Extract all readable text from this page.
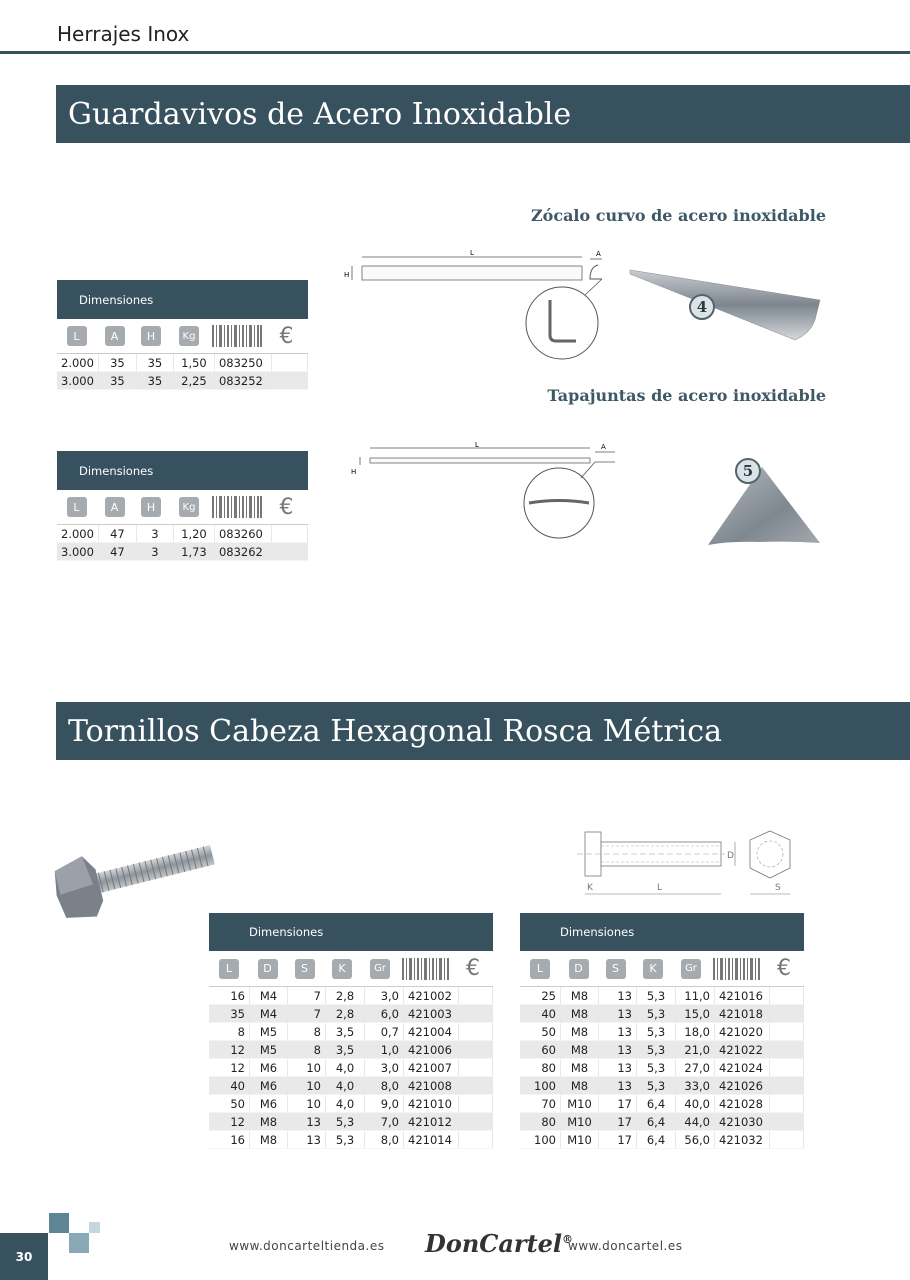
Herrajes Inox
Guardavivos de Acero Inoxidable
Zócalo curvo de acero inoxidable
L
H
A
4
Dimensiones
L	A	H	Kg	€
2.000	35	35	1,50	083250	
3.000	35	35	2,25	083252	
Tapajuntas de acero inoxidable
L
H
A
5
Dimensiones
L	A	H	Kg	€
2.000	47	3	1,20	083260	
3.000	47	3	1,73	083262	
Tornillos Cabeza Hexagonal Rosca Métrica
D
K	L	S
Dimensiones
L	D	S	K	Gr	€
16	M4	7	2,8	3,0	421002	
35	M4	7	2,8	6,0	421003	
8	M5	8	3,5	0,7	421004	
12	M5	8	3,5	1,0	421006	
12	M6	10	4,0	3,0	421007	
40	M6	10	4,0	8,0	421008	
50	M6	10	4,0	9,0	421010	
12	M8	13	5,3	7,0	421012	
16	M8	13	5,3	8,0	421014	
Dimensiones
L	D	S	K	Gr	€
25	M8	13	5,3	11,0	421016	
40	M8	13	5,3	15,0	421018	
50	M8	13	5,3	18,0	421020	
60	M8	13	5,3	21,0	421022	
80	M8	13	5,3	27,0	421024	
100	M8	13	5,3	33,0	421026	
70	M10	17	6,4	40,0	421028	
80	M10	17	6,4	44,0	421030	
100	M10	17	6,4	56,0	421032	
30
www.doncarteltienda.es DonCartel®
www.doncartel.es
